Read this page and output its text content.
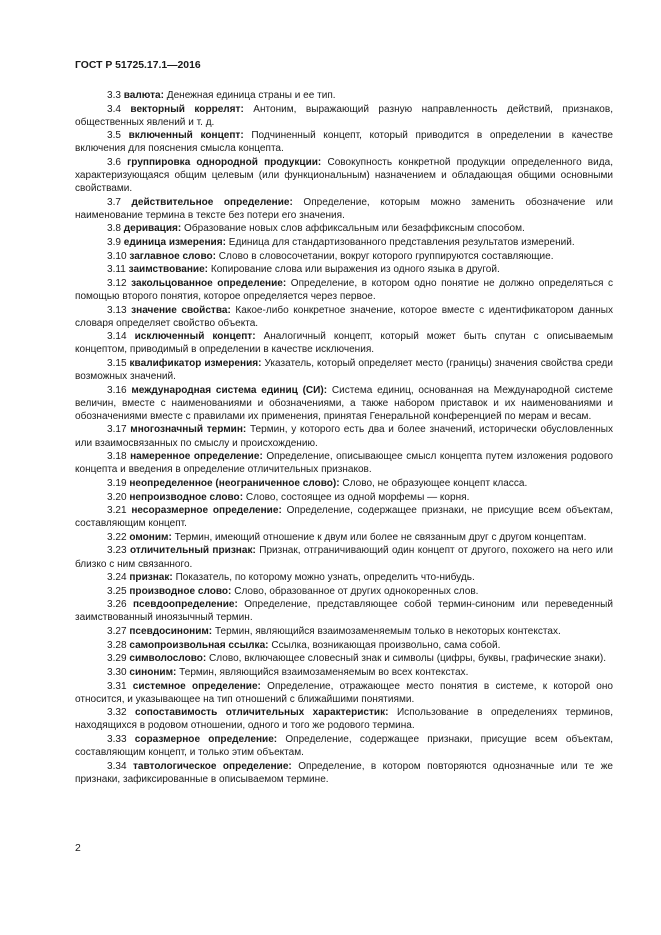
ГОСТ Р 51725.17.1—2016

3.3 валюта: Денежная единица страны и ее тип.

3.4 векторный коррелят: Антоним, выражающий разную направленность действий, признаков, общественных явлений и т. д.

3.5 включенный концепт: Подчиненный концепт, который приводится в определении в качестве включения для пояснения смысла концепта.

3.6 группировка однородной продукции: Совокупность конкретной продукции определенного вида, характеризующаяся общим целевым (или функциональным) назначением и обладающая общими основными свойствами.

3.7 действительное определение: Определение, которым можно заменить обозначение или наименование термина в тексте без потери его значения.

3.8 деривация: Образование новых слов аффиксальным или безаффиксным способом.

3.9 единица измерения: Единица для стандартизованного представления результатов измерений.

3.10 заглавное слово: Слово в словосочетании, вокруг которого группируются составляющие.

3.11 заимствование: Копирование слова или выражения из одного языка в другой.

3.12 закольцованное определение: Определение, в котором одно понятие не должно определяться с помощью второго понятия, которое определяется через первое.

3.13 значение свойства: Какое-либо конкретное значение, которое вместе с идентификатором данных словаря определяет свойство объекта.

3.14 исключенный концепт: Аналогичный концепт, который может быть спутан с описываемым концептом, приводимый в определении в качестве исключения.

3.15 квалификатор измерения: Указатель, который определяет место (границы) значения свойства среди возможных значений.

3.16 международная система единиц (СИ): Система единиц, основанная на Международной системе величин, вместе с наименованиями и обозначениями, а также набором приставок и их наименованиями и обозначениями вместе с правилами их применения, принятая Генеральной конференцией по мерам и весам.

3.17 многозначный термин: Термин, у которого есть два и более значений, исторически обусловленных или взаимосвязанных по смыслу и происхождению.

3.18 намеренное определение: Определение, описывающее смысл концепта путем изложения родового концепта и введения в определение отличительных признаков.

3.19 неопределенное (неограниченное слово): Слово, не образующее концепт класса.

3.20 непроизводное слово: Слово, состоящее из одной морфемы — корня.

3.21 несоразмерное определение: Определение, содержащее признаки, не присущие всем объектам, составляющим концепт.

3.22 омоним: Термин, имеющий отношение к двум или более не связанным друг с другом концептам.

3.23 отличительный признак: Признак, отграничивающий один концепт от другого, похожего на него или близко с ним связанного.

3.24 признак: Показатель, по которому можно узнать, определить что-нибудь.

3.25 производное слово: Слово, образованное от других однокоренных слов.

3.26 псевдоопределение: Определение, представляющее собой термин-синоним или переведенный заимствованный иноязычный термин.

3.27 псевдосиноним: Термин, являющийся взаимозаменяемым только в некоторых контекстах.

3.28 самопроизвольная ссылка: Ссылка, возникающая произвольно, сама собой.

3.29 символослово: Слово, включающее словесный знак и символы (цифры, буквы, графические знаки).

3.30 синоним: Термин, являющийся взаимозаменяемым во всех контекстах.

3.31 системное определение: Определение, отражающее место понятия в системе, к которой оно относится, и указывающее на тип отношений с ближайшими понятиями.

3.32 сопоставимость отличительных характеристик: Использование в определениях терминов, находящихся в родовом отношении, одного и того же родового термина.

3.33 соразмерное определение: Определение, содержащее признаки, присущие всем объектам, составляющим концепт, и только этим объектам.

3.34 тавтологическое определение: Определение, в котором повторяются однозначные или те же признаки, зафиксированные в описываемом термине.

2
